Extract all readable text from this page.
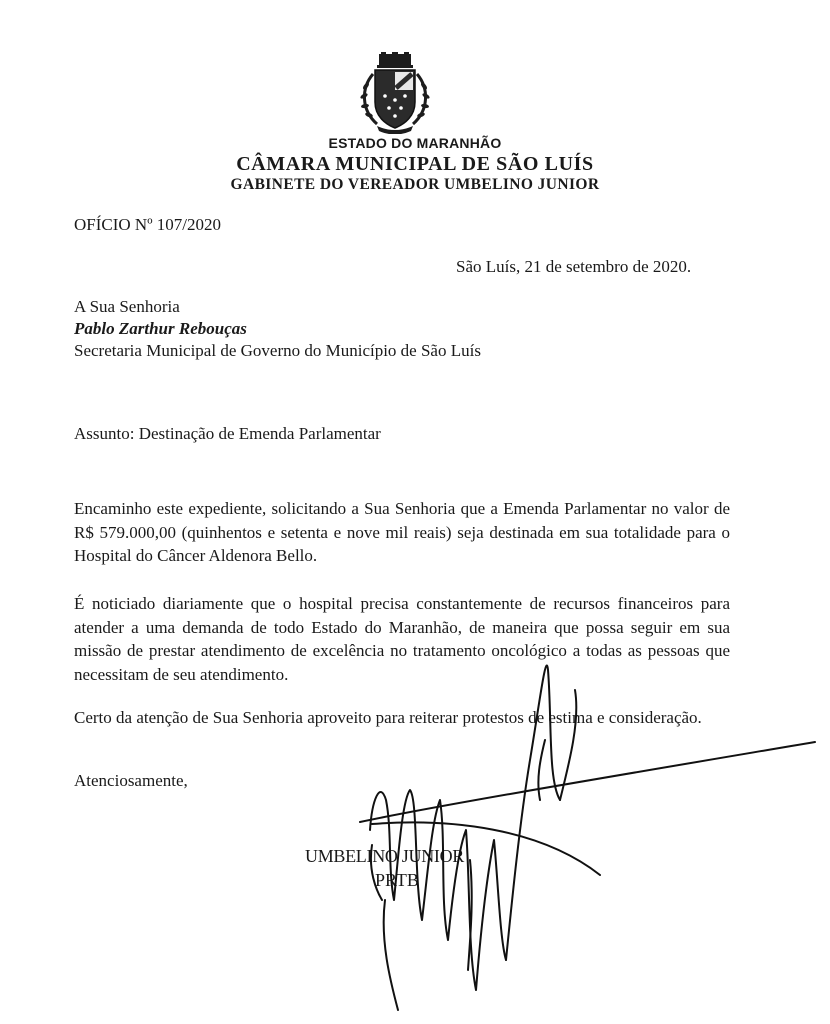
ESTADO DO MARANHÃO

CÂMARA MUNICIPAL DE SÃO LUÍS

GABINETE DO VEREADOR UMBELINO JUNIOR

OFÍCIO Nº 107/2020

São Luís, 21 de setembro de 2020.

A Sua Senhoria

Pablo Zarthur Rebouças

Secretaria Municipal de Governo do Município de São Luís

Assunto: Destinação de Emenda Parlamentar

Encaminho este expediente, solicitando a Sua Senhoria que a Emenda Parlamentar no valor de R$ 579.000,00 (quinhentos e setenta e nove mil reais) seja destinada em sua totalidade para o Hospital do Câncer Aldenora Bello.

É noticiado diariamente que o hospital precisa constantemente de recursos financeiros para atender a uma demanda de todo Estado do Maranhão, de maneira que possa seguir em sua missão de prestar atendimento de excelência no tratamento oncológico a todas as pessoas que necessitam de seu atendimento.

Certo da atenção de Sua Senhoria aproveito para reiterar protestos de estima e consideração.

Atenciosamente,

UMBELINO JUNIOR

PRTB
